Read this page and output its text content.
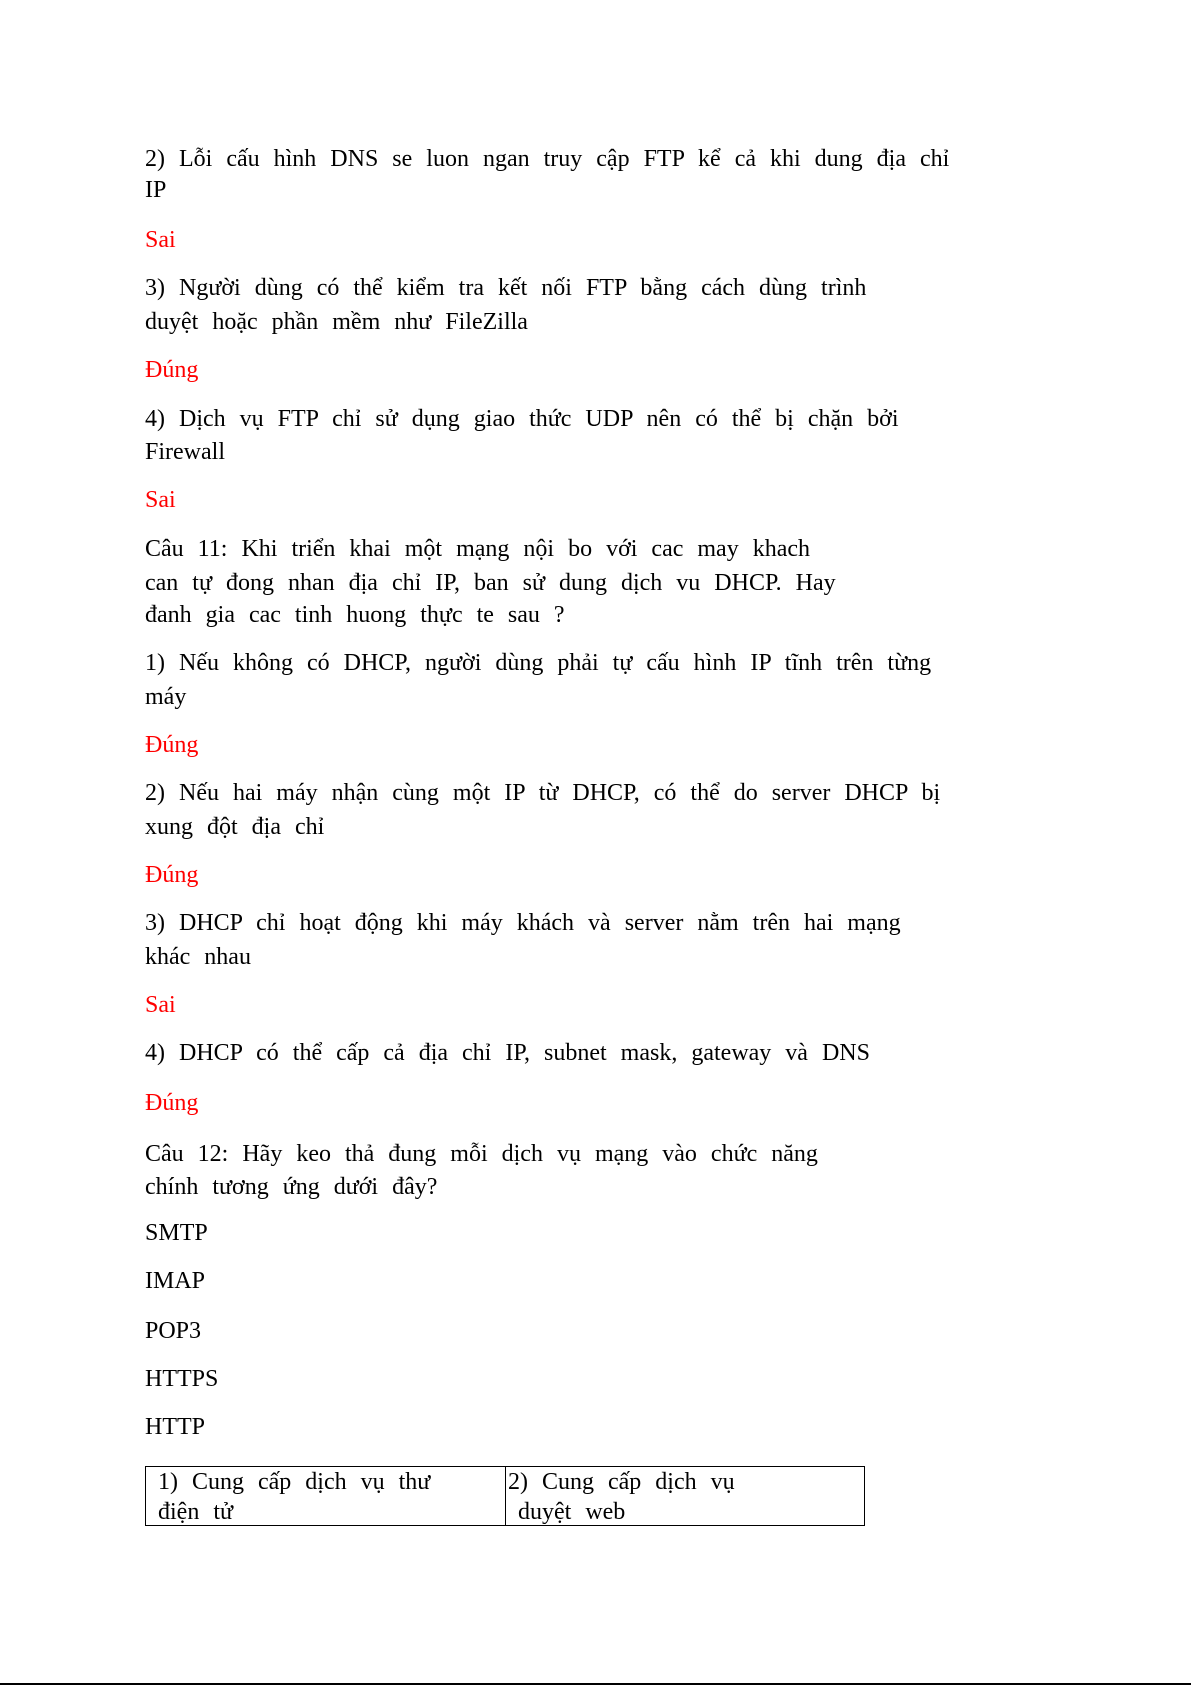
2) Lỗi cấu hình DNS se luon ngan truy cập FTP kể cả khi dung địa chỉ
IP
Sai
3) Người dùng có thể kiểm tra kết nối FTP bằng cách dùng trình
duyệt hoặc phần mềm như FileZilla
Đúng
4) Dịch vụ FTP chỉ sử dụng giao thức UDP nên có thể bị chặn bởi
Firewall
Sai
Câu 11: Khi triển khai một mạng nội bo với cac may khach
can tự đong nhan địa chỉ IP, ban sử dung dịch vu DHCP. Hay
đanh gia cac tinh huong thực te sau ?
1) Nếu không có DHCP, người dùng phải tự cấu hình IP tĩnh trên từng
máy
Đúng
2) Nếu hai máy nhận cùng một IP từ DHCP, có thể do server DHCP bị
xung đột địa chỉ
Đúng
3) DHCP chỉ hoạt động khi máy khách và server nằm trên hai mạng
khác nhau
Sai
4) DHCP có thể cấp cả địa chỉ IP, subnet mask, gateway và DNS
Đúng
Câu 12: Hãy keo thả đung mỗi dịch vụ mạng vào chức năng
chính tương ứng dưới đây?
SMTP
IMAP
POP3
HTTPS
HTTP
1) Cung cấp dịch vụ thư
điện tử
2) Cung cấp dịch vụ
duyệt web
